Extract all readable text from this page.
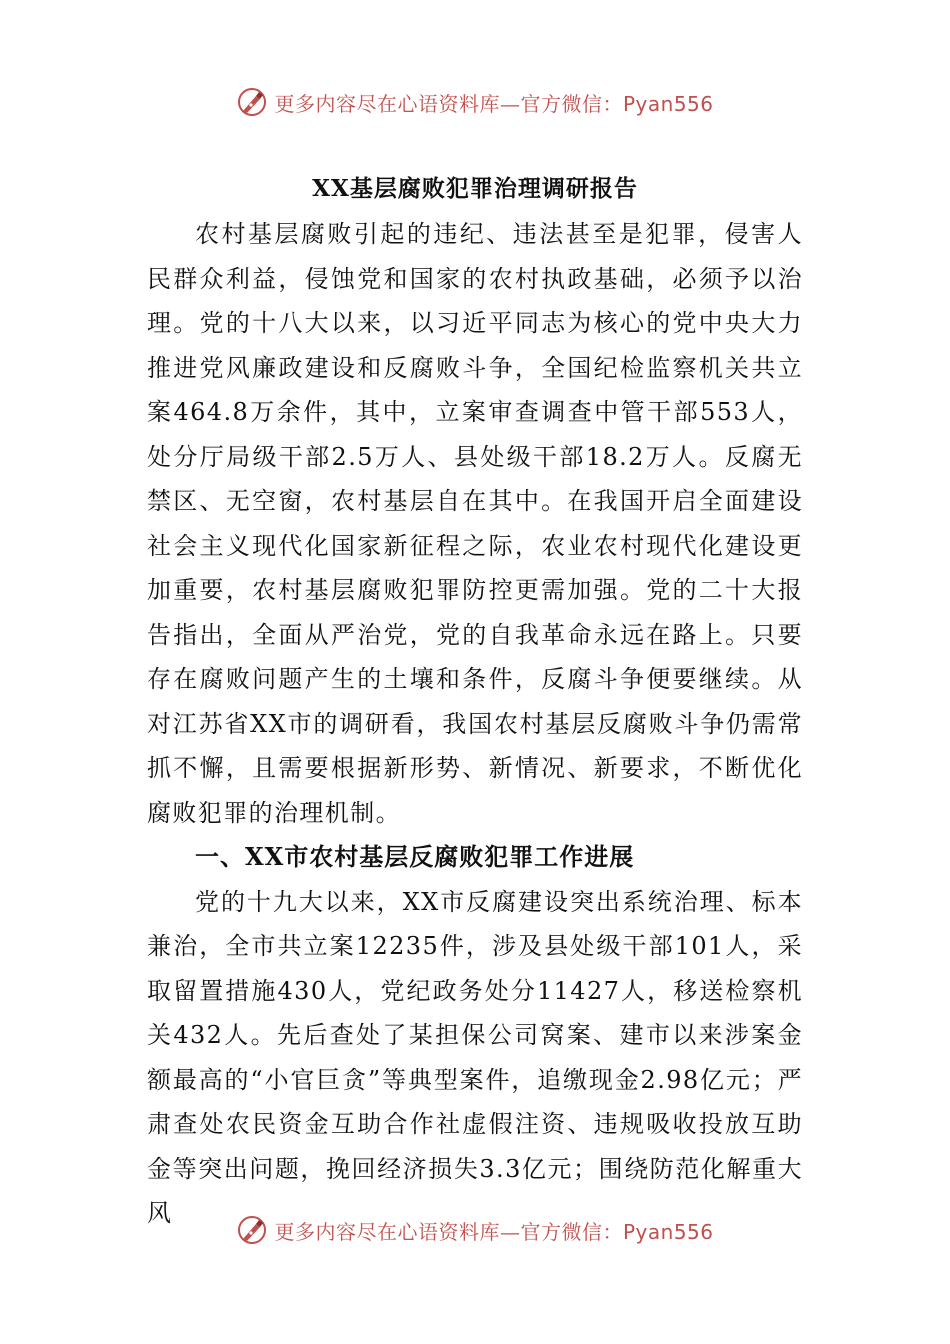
更多内容尽在心语资料库—官方微信：Pyan556
XX基层腐败犯罪治理调研报告

农村基层腐败引起的违纪、违法甚至是犯罪，侵害人民群众利益，侵蚀党和国家的农村执政基础，必须予以治理。党的十八大以来，以习近平同志为核心的党中央大力推进党风廉政建设和反腐败斗争，全国纪检监察机关共立案464.8万余件，其中，立案审查调查中管干部553人，处分厅局级干部2.5万人、县处级干部18.2万人。反腐无禁区、无空窗，农村基层自在其中。在我国开启全面建设社会主义现代化国家新征程之际，农业农村现代化建设更加重要，农村基层腐败犯罪防控更需加强。党的二十大报告指出，全面从严治党，党的自我革命永远在路上。只要存在腐败问题产生的土壤和条件，反腐斗争便要继续。从对江苏省XX市的调研看，我国农村基层反腐败斗争仍需常抓不懈，且需要根据新形势、新情况、新要求，不断优化腐败犯罪的治理机制。

一、XX市农村基层反腐败犯罪工作进展

党的十九大以来，XX市反腐建设突出系统治理、标本兼治，全市共立案12235件，涉及县处级干部101人，采取留置措施430人，党纪政务处分11427人，移送检察机关432人。先后查处了某担保公司窝案、建市以来涉案金额最高的“小官巨贪”等典型案件，追缴现金2.98亿元；严肃查处农民资金互助合作社虚假注资、违规吸收投放互助金等突出问题，挽回经济损失3.3亿元；围绕防范化解重大风

更多内容尽在心语资料库—官方微信：Pyan556
